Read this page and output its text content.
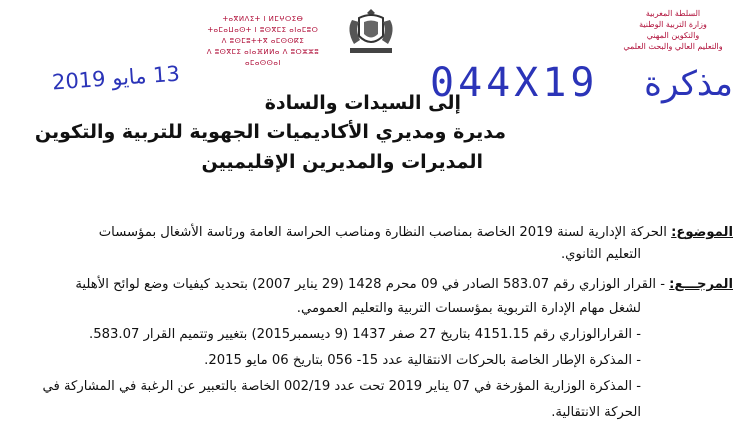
السلطة المغربية
وزارة التربية الوطنية
والتكوين المهني
والتعليم العالي والبحث العلمي
ⵜⴰⴳⵍⴷⵉⵜ ⵏ ⵍⵎⵖⵔⵉⴱ
ⵜⴰⵎⴰⵡⴰⵙⵜ ⵏ ⵓⵙⴳⵎⵉ ⴰⵏⴰⵎⵓⵔ
ⴷ ⵓⵙⵎⵓⵜⵜⴳ ⴰⵎⵙⵙⴽⵉ
ⴷ ⵓⵙⴳⵎⵉ ⴰⵏⴰⴼⵍⵍⴰ ⴷ ⵓⵔⵣⵣⵓ ⴰⵎⴰⵙⵙⴰⵏ
مذكرة
044X19
13 مايو 2019
إلى السيدات والسادة
مديرة ومديري الأكاديميات الجهوية للتربية والتكوين
المديرات والمديرين الإقليميين
الموضوع: الحركة الإدارية لسنة 2019 الخاصة بمناصب النظارة ومناصب الحراسة العامة ورئاسة الأشغال بمؤسسات
التعليم الثانوي.
المرجـــع: - القرار الوزاري رقم 583.07 الصادر في 09 محرم 1428 (29 يناير 2007) بتحديد كيفيات وضع لوائح الأهلية
لشغل مهام الإدارة التربوية بمؤسسات التربية والتعليم العمومي.
- القرارالوزاري رقم 4151.15 بتاريخ 27 صفر 1437 (9 ديسمبر2015) بتغيير وتتميم القرار 583.07.
- المذكرة الإطار الخاصة بالحركات الانتقالية عدد 15- 056 بتاريخ 06 مايو 2015.
- المذكرة الوزارية المؤرخة في 07 يناير 2019 تحت عدد 002/19 الخاصة بالتعبير عن الرغبة في المشاركة في
الحركة الانتقالية.
